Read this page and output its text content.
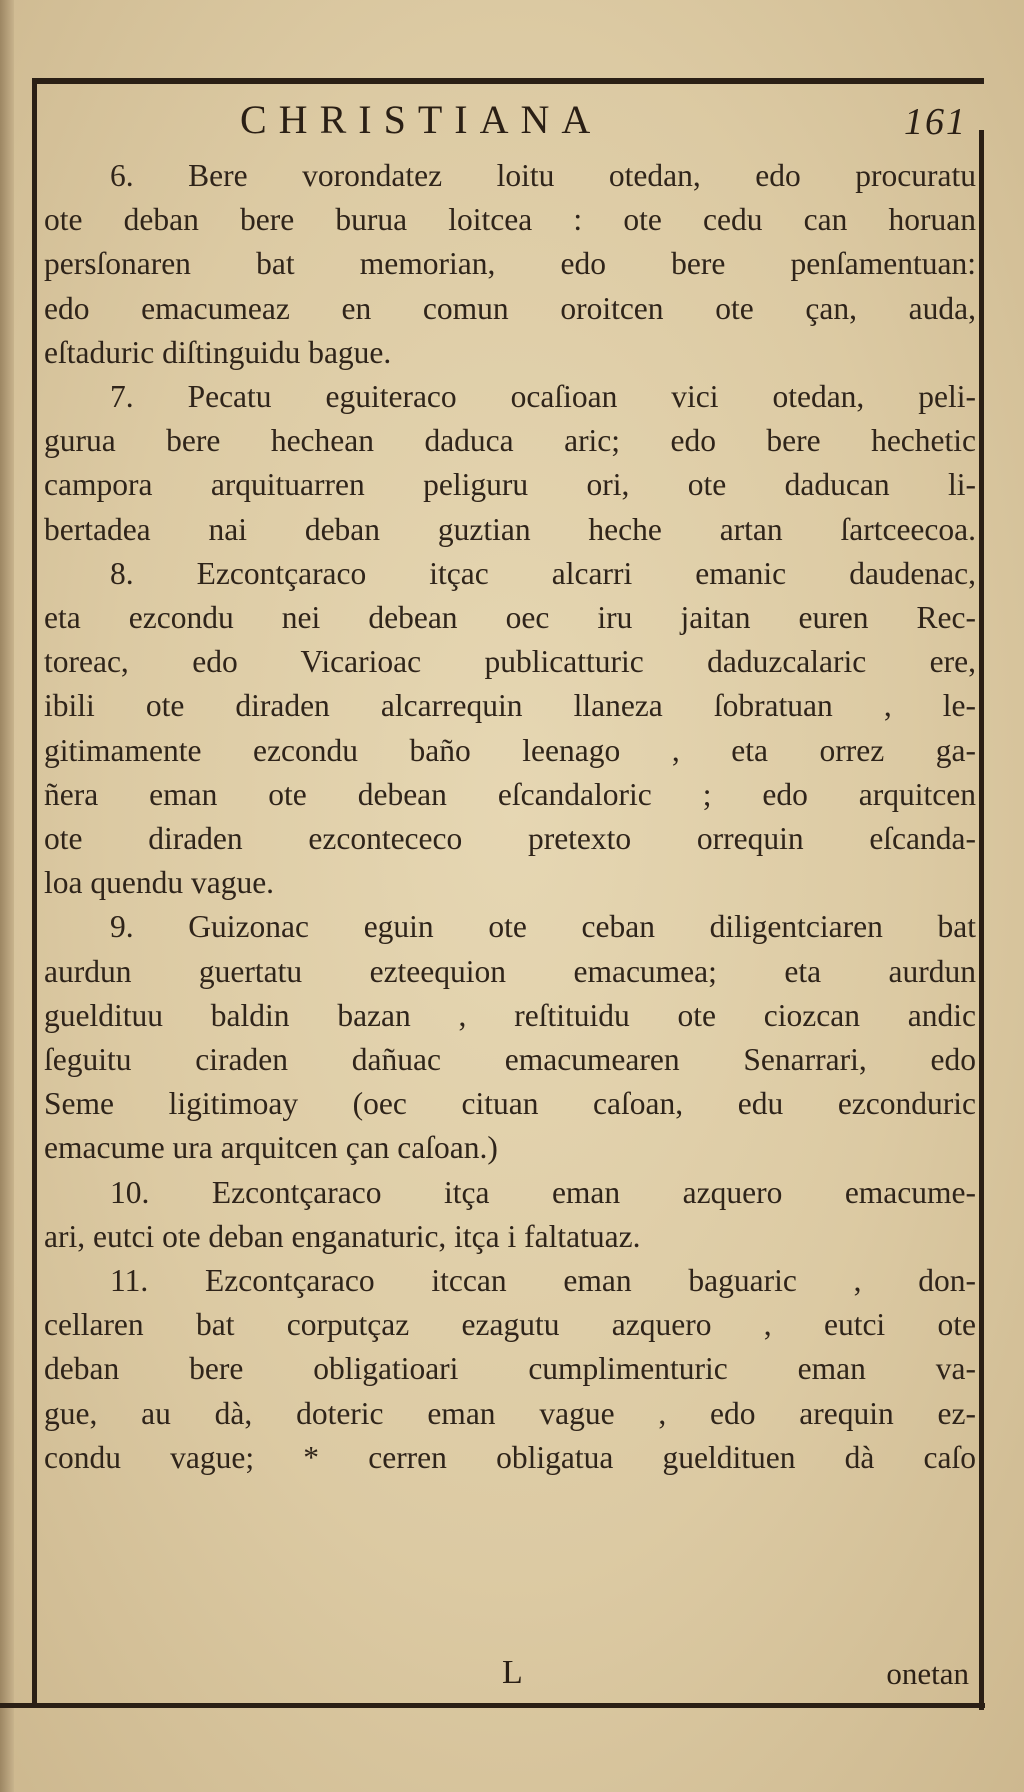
CHRISTIANA	161
6. Bere vorondatez loitu otedan, edo procuratu
ote deban bere burua loitcea : ote cedu can horuan
persſonaren bat memorian, edo bere penſamentuan:
edo emacumeaz en comun oroitcen ote çan, auda,
eſtaduric diſtinguidu bague.
7. Pecatu eguiteraco ocaſioan vici otedan, peli-
gurua bere hechean daduca aric; edo bere hechetic
campora arquituarren peliguru ori, ote daducan li-
bertadea nai deban guztian heche artan ſartceecoa.
8. Ezcontçaraco itçac alcarri emanic daudenac,
eta ezcondu nei debean oec iru jaitan euren Rec-
toreac, edo Vicarioac publicatturic daduzcalaric ere,
ibili ote diraden alcarrequin llaneza ſobratuan , le-
gitimamente ezcondu baño leenago , eta orrez ga-
ñera eman ote debean eſcandaloric ; edo arquitcen
ote diraden ezcontececo pretexto orrequin eſcanda-
loa quendu vague.
9. Guizonac eguin ote ceban diligentciaren bat
aurdun guertatu ezteequion emacumea; eta aurdun
gueldituu baldin bazan , reſtituidu ote ciozcan andic
ſeguitu ciraden dañuac emacumearen Senarrari, edo
Seme ligitimoay (oec cituan caſoan, edu ezconduric
emacume ura arquitcen çan caſoan.)
10. Ezcontçaraco itça eman azquero emacume-
ari, eutci ote deban enganaturic, itça i faltatuaz.
11. Ezcontçaraco itccan eman baguaric , don-
cellaren bat corputçaz ezagutu azquero , eutci ote
deban bere obligatioari cumplimenturic eman va-
gue, au dà, doteric eman vague , edo arequin ez-
condu vague; * cerren obligatua gueldituen dà caſo
L	onetan
